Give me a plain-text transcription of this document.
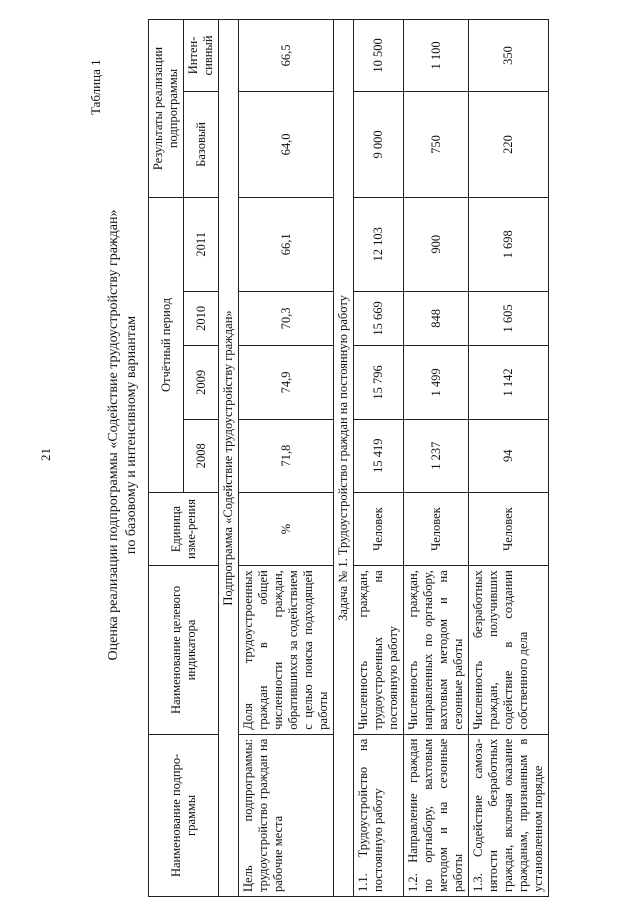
21
Таблица 1
Оценка реализации подпрограммы «Содействие трудоустройству граждан» по базовому и интенсивному вариантам
Наименование подпро-граммы	Наименование целевого индикатора	Единица изме-рения	Отчётный период				Результаты реализации подпрограммы	
			2008	2009	2010	2011	Базовый	Интен-сивный

Подпрограмма «Содействие трудоустройству граждан»								
Цель подпрограммы: трудоустройство граждан на рабочие места	Доля трудоустроенных граждан в общей численности граждан, обратившихся за содействием с целью поиска подходящей работы	%	71,8	74,9	70,3	66,1	64,0	66,5
Задача № 1. Трудоустройство граждан на постоянную работу								
1.1. Трудоустройство на постоянную работу	Численность граждан, трудоустроенных на постоянную работу	Человек	15 419	15 796	15 669	12 103	9 000	10 500
1.2. Направление граждан по оргнабору, вахтовым методом и на сезонные работы	Численность граждан, направленных по оргнабору, вахтовым методом и на сезонные работы	Человек	1 237	1 499	848	900	750	1 100
1.3. Содействие самоза-нятости безработных граждан, включая оказание гражданам, признанным в установленном порядке	Численность безработных граждан, получивших содействие в создании собственного дела	Человек	94	1 142	1 605	1 698	220	350
